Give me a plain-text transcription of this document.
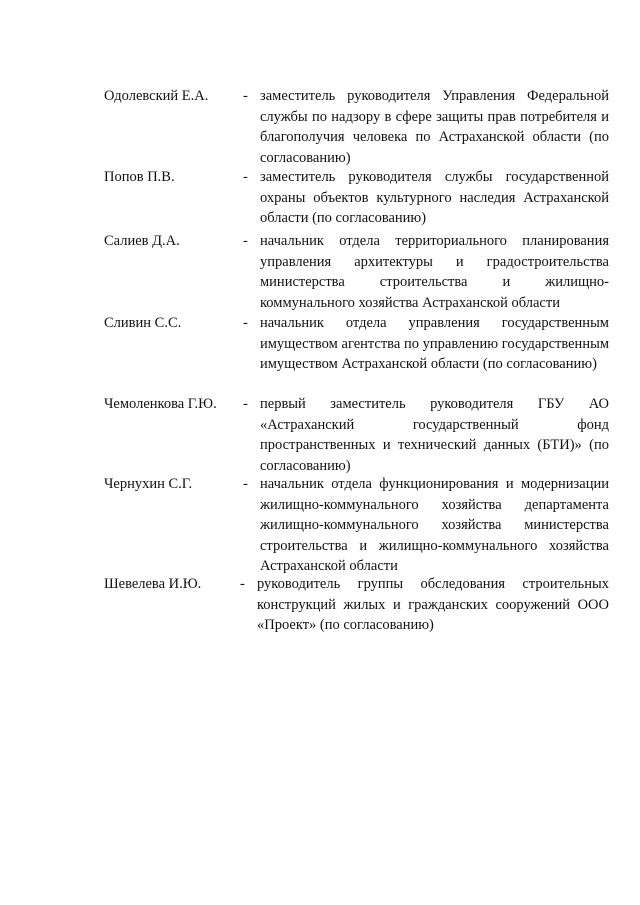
Одолевский Е.А.	- заместитель руководителя Управления Федеральной службы по надзору в сфере защиты прав потребителя и благополучия человека по Астраханской области (по согласованию)
Попов П.В.	- заместитель руководителя службы государственной охраны объектов культурного наследия Астраханской области (по согласованию)
Салиев Д.А.	- начальник отдела территориального планирования управления архитектуры и градостроительства министерства строительства и жилищно-коммунального хозяйства Астраханской области
Сливин С.С.	- начальник отдела управления государственным имуществом агентства по управлению государственным имуществом Астраханской области (по согласованию)
Чемоленкова Г.Ю.	- первый заместитель руководителя ГБУ АО «Астраханский государственный фонд пространственных и технический данных (БТИ)» (по согласованию)
Чернухин С.Г.	- начальник отдела функционирования и модернизации жилищно-коммунального хозяйства департамента жилищно-коммунального хозяйства министерства строительства и жилищно-коммунального хозяйства Астраханской области
Шевелева И.Ю.	- руководитель группы обследования строительных конструкций жилых и гражданских сооружений ООО «Проект» (по согласованию)
